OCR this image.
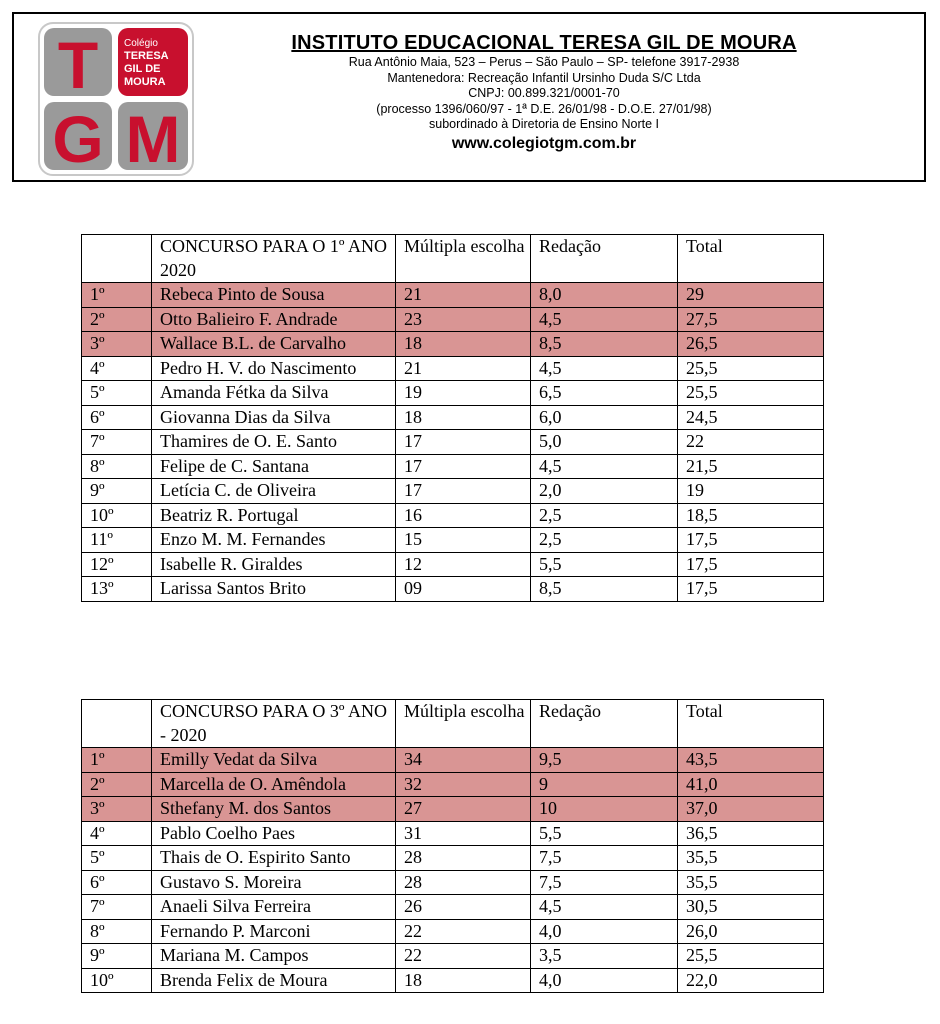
T
G M
Colégio
TERESA
GIL DE
MOURA
INSTITUTO EDUCACIONAL TERESA GIL DE MOURA
Rua Antônio Maia, 523 – Perus – São Paulo – SP- telefone 3917-2938
Mantenedora: Recreação Infantil Ursinho Duda S/C Ltda
CNPJ: 00.899.321/0001-70
(processo 1396/060/97 - 1ª D.E. 26/01/98 - D.O.E. 27/01/98)
subordinado à Diretoria de Ensino Norte I
www.colegiotgm.com.br
	CONCURSO PARA O 1º ANO 2020	Múltipla escolha	Redação	Total
1º	Rebeca Pinto de Sousa	21	8,0	29
2º	Otto Balieiro F. Andrade	23	4,5	27,5
3º	Wallace B.L. de Carvalho	18	8,5	26,5
4º	Pedro H. V. do Nascimento	21	4,5	25,5
5º	Amanda Fétka da Silva	19	6,5	25,5
6º	Giovanna Dias da Silva	18	6,0	24,5
7º	Thamires de O. E. Santo	17	5,0	22
8º	Felipe de C. Santana	17	4,5	21,5
9º	Letícia C. de Oliveira	17	2,0	19
10º	Beatriz R. Portugal	16	2,5	18,5
11º	Enzo M. M. Fernandes	15	2,5	17,5
12º	Isabelle R. Giraldes	12	5,5	17,5
13º	Larissa Santos Brito	09	8,5	17,5
	CONCURSO PARA O 3º ANO - 2020	Múltipla escolha	Redação	Total
1º	Emilly Vedat da Silva	34	9,5	43,5
2º	Marcella de O. Amêndola	32	9	41,0
3º	Sthefany M. dos Santos	27	10	37,0
4º	Pablo Coelho Paes	31	5,5	36,5
5º	Thais de O. Espirito Santo	28	7,5	35,5
6º	Gustavo S. Moreira	28	7,5	35,5
7º	Anaeli Silva Ferreira	26	4,5	30,5
8º	Fernando P. Marconi	22	4,0	26,0
9º	Mariana M. Campos	22	3,5	25,5
10º	Brenda Felix de Moura	18	4,0	22,0
